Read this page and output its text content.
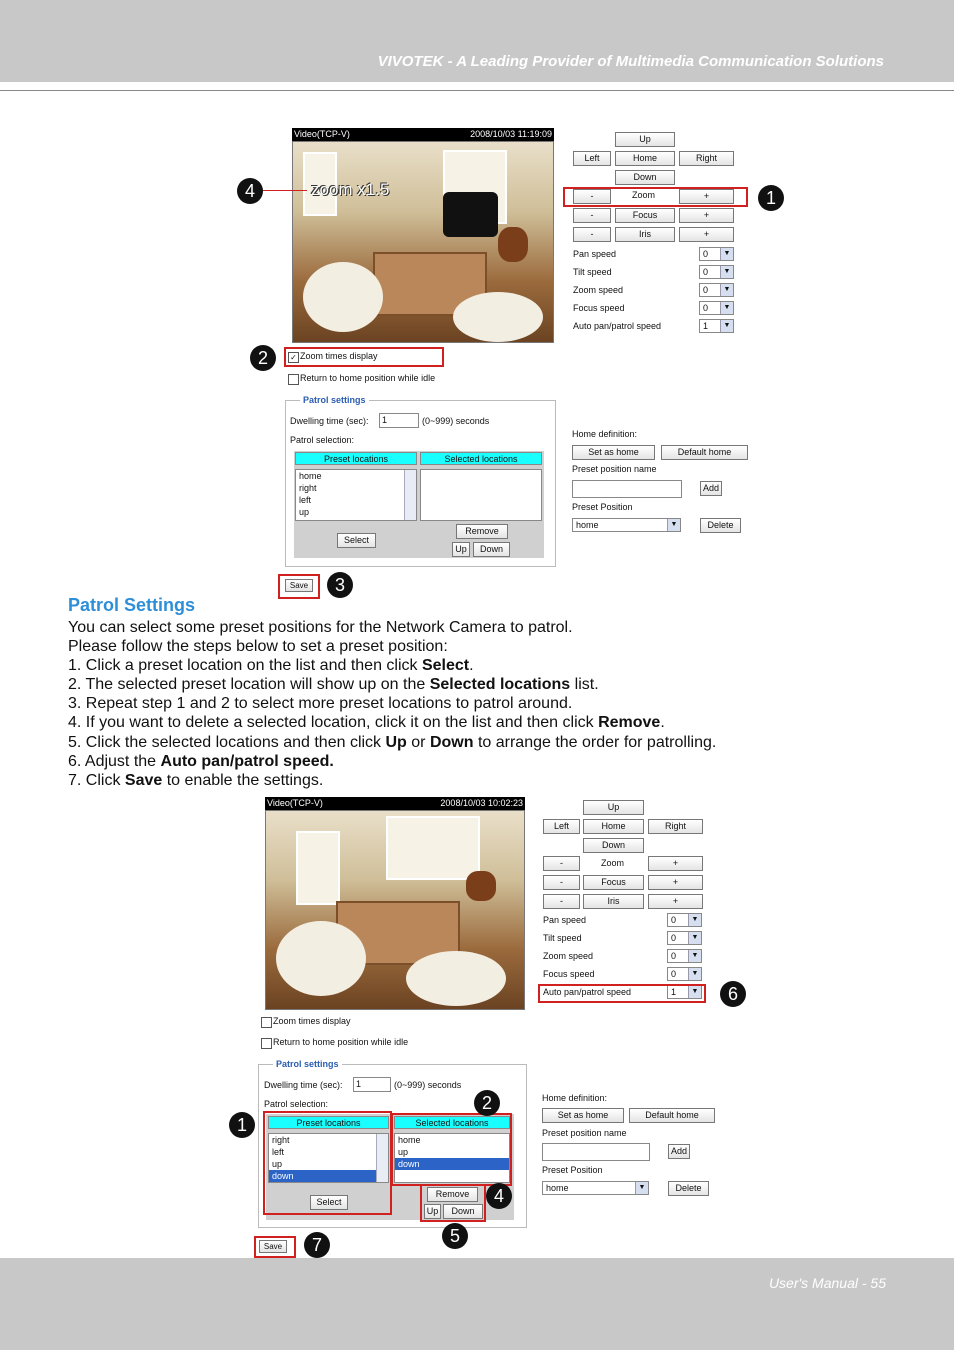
VIVOTEK - A Leading Provider of Multimedia Communication Solutions
Video(TCP-V)	2008/10/03 11:19:09
zoom x1.5
4
Up
Left	Home	Right
Down
-	Zoom	+	1
-	Focus	+
-	Iris	+
Pan speed	0	▼
Tilt speed	0	▼
Zoom speed	0	▼
Focus speed	0	▼
Auto pan/patrol speed	1	▼
2	✓ Zoom times display
Return to home position while idle
Patrol settings
Dwelling time (sec):	1	(0~999) seconds
Patrol selection:
Preset locations	Selected locations
home
right
left
up
Select
Remove
Up	Down
Home definition:
Set as home	Default home
Preset position name
Add
Preset Position
home	▼	Delete
Save	3
Patrol Settings
You can select some preset positions for the Network Camera to patrol.
Please follow the steps below to set a preset position:
1. Click a preset location on the list and then click Select.
2. The selected preset location will show up on the Selected locations list.
3. Repeat step 1 and 2 to select more preset locations to patrol around.
4. If you want to delete a selected location, click it on the list and then click Remove.
5. Click the selected locations and then click Up or Down to arrange the order for patrolling.
6. Adjust the Auto pan/patrol speed.
7. Click Save to enable the settings.
Video(TCP-V)	2008/10/03 10:02:23	Up
Left	Home	Right
Down
-	Zoom	+
-	Focus	+
-	Iris	+
Pan speed	0	▼
Tilt speed	0	▼
Zoom speed	0	▼
Focus speed	0	▼
Auto pan/patrol speed	1	▼	6
Zoom times display
Return to home position while idle
Patrol settings
Dwelling time (sec):	1	(0~999) seconds
Patrol selection:
Preset locations	Selected locations
right
left
up
down
home
up
down
Select
Remove
Up	Down
1
2
4
5
Home definition:
Set as home	Default home
Preset position name
Add
Preset Position
home	▼	Delete
Save	7
User's Manual - 55
